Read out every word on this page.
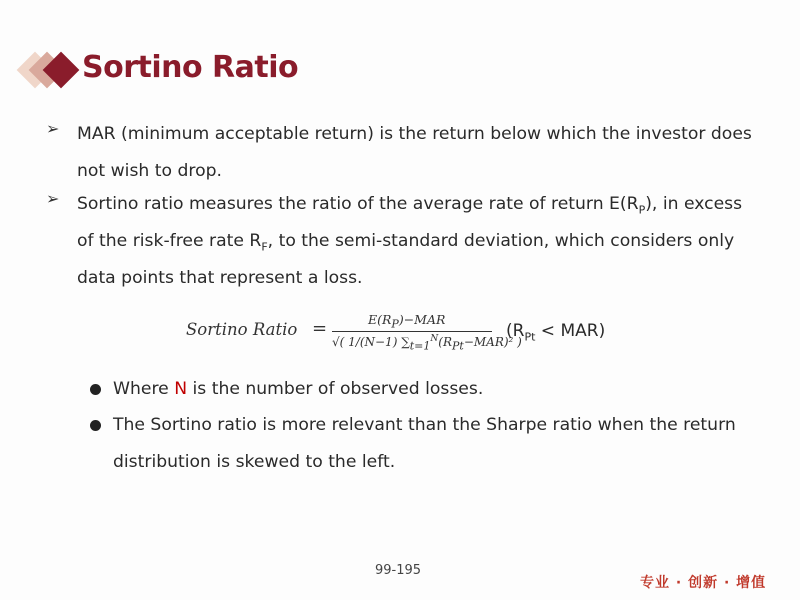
Sortino Ratio
➢ MAR (minimum acceptable return) is the return below which the investor does not wish to drop.
➢ Sortino ratio measures the ratio of the average rate of return $E(R_P)$, in excess of the risk-free rate $R_F$, to the semi-standard deviation, which considers only data points that represent a loss.
Sortino Ratio =	$E(R_P)-MAR$
√( 1/(N−1) $\sum_{t=1}^N(R_{Pt}-MAR)^2$ )
$(R_{Pt} < MAR)$
Where N is the number of observed losses.
The Sortino ratio is more relevant than the Sharpe ratio when the return distribution is skewed to the left.
99-195
专业 · 创新 · 增值
